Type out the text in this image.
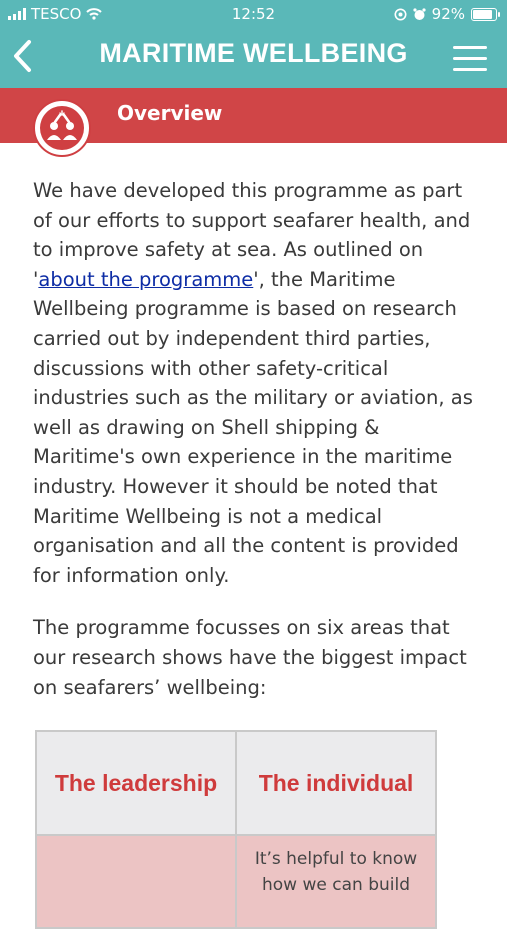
TESCO	12:52	92%
MARITIME WELLBEING
Overview

We have developed this programme as part of our efforts to support seafarer health, and to improve safety at sea. As outlined on 'about the programme', the Maritime Wellbeing programme is based on research carried out by independent third parties, discussions with other safety-critical industries such as the military or aviation, as well as drawing on Shell shipping & Maritime's own experience in the maritime industry. However it should be noted that Maritime Wellbeing is not a medical organisation and all the content is provided for information only.

The programme focusses on six areas that our research shows have the biggest impact on seafarers’ wellbeing:

The leadership	The individual
	It’s helpful to know how we can build
